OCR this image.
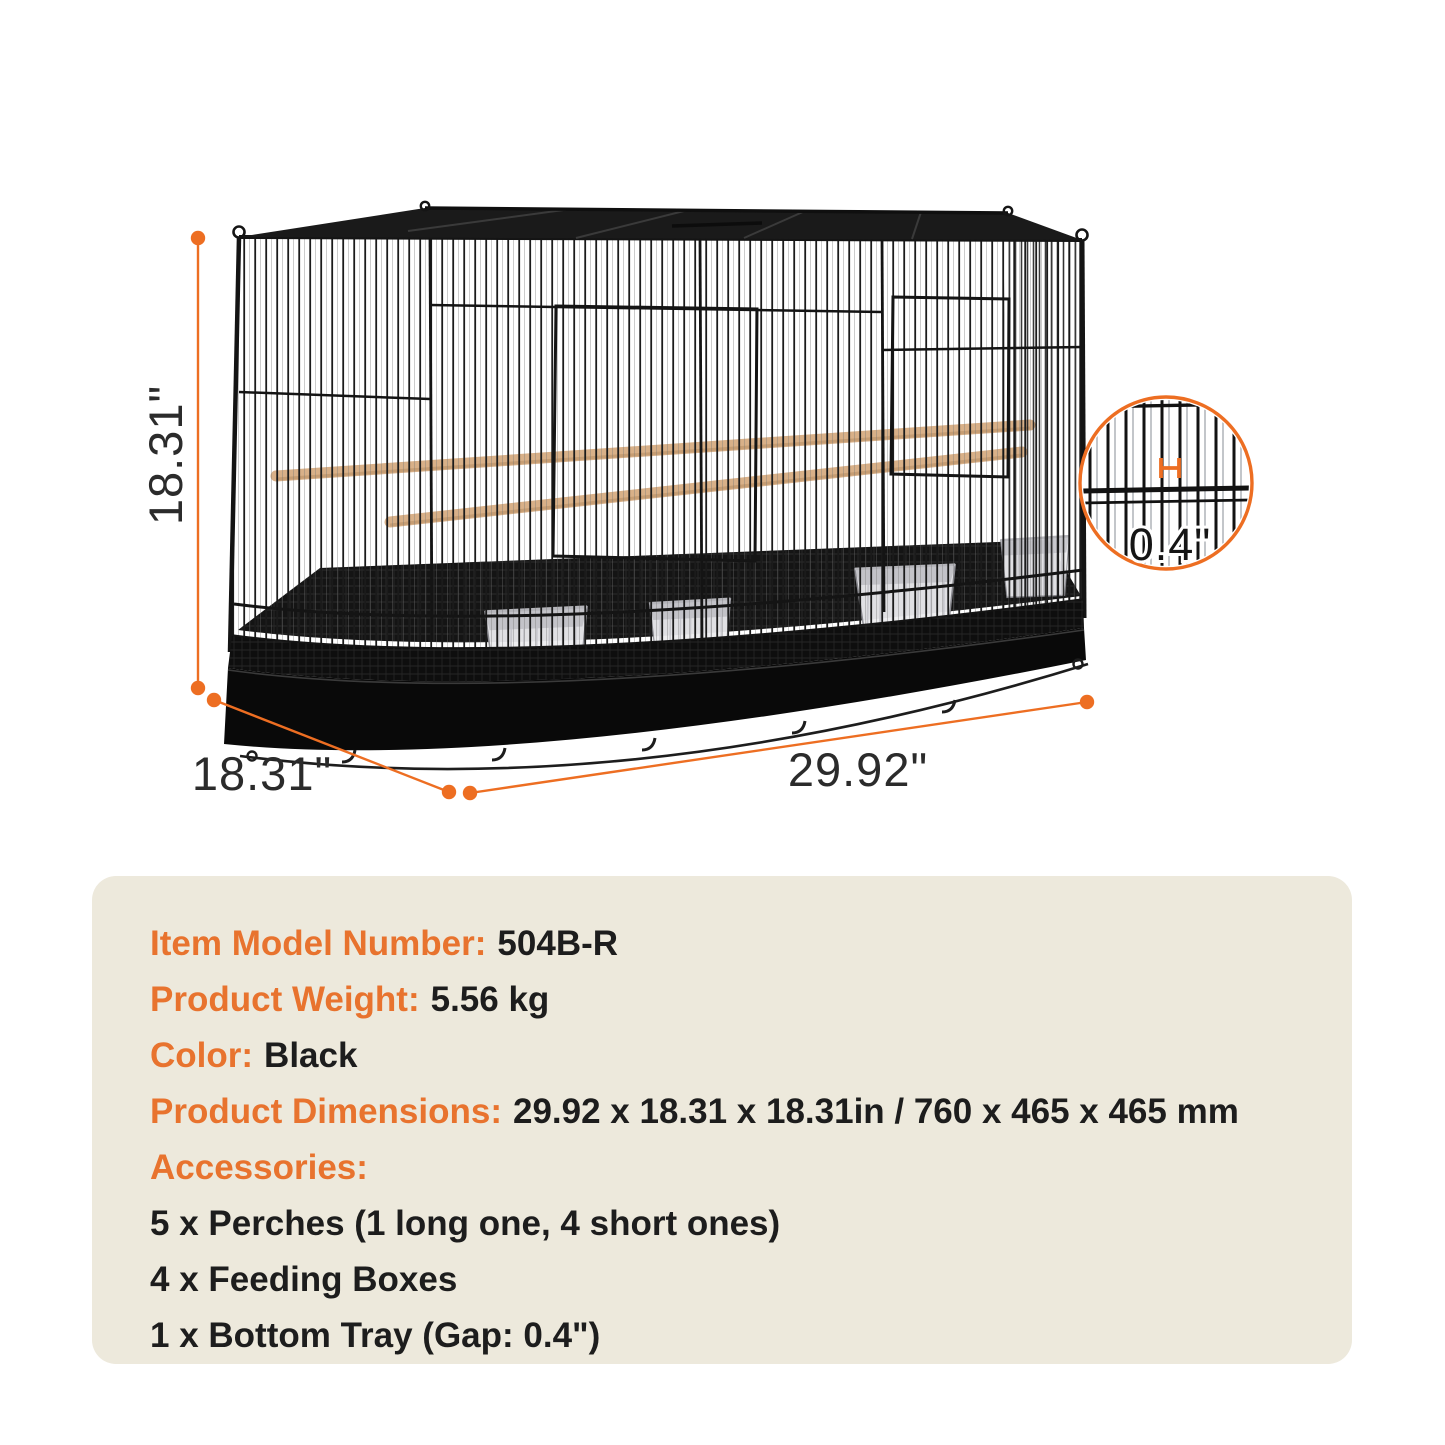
18.31"
18.31"	29.92"
0.4"
Item Model Number: 504B-R
Product Weight: 5.56 kg
Color: Black
Product Dimensions: 29.92 x 18.31 x 18.31in / 760 x 465 x 465 mm
Accessories:
5 x Perches (1 long one, 4 short ones)
4 x Feeding Boxes
1 x Bottom Tray (Gap: 0.4")
